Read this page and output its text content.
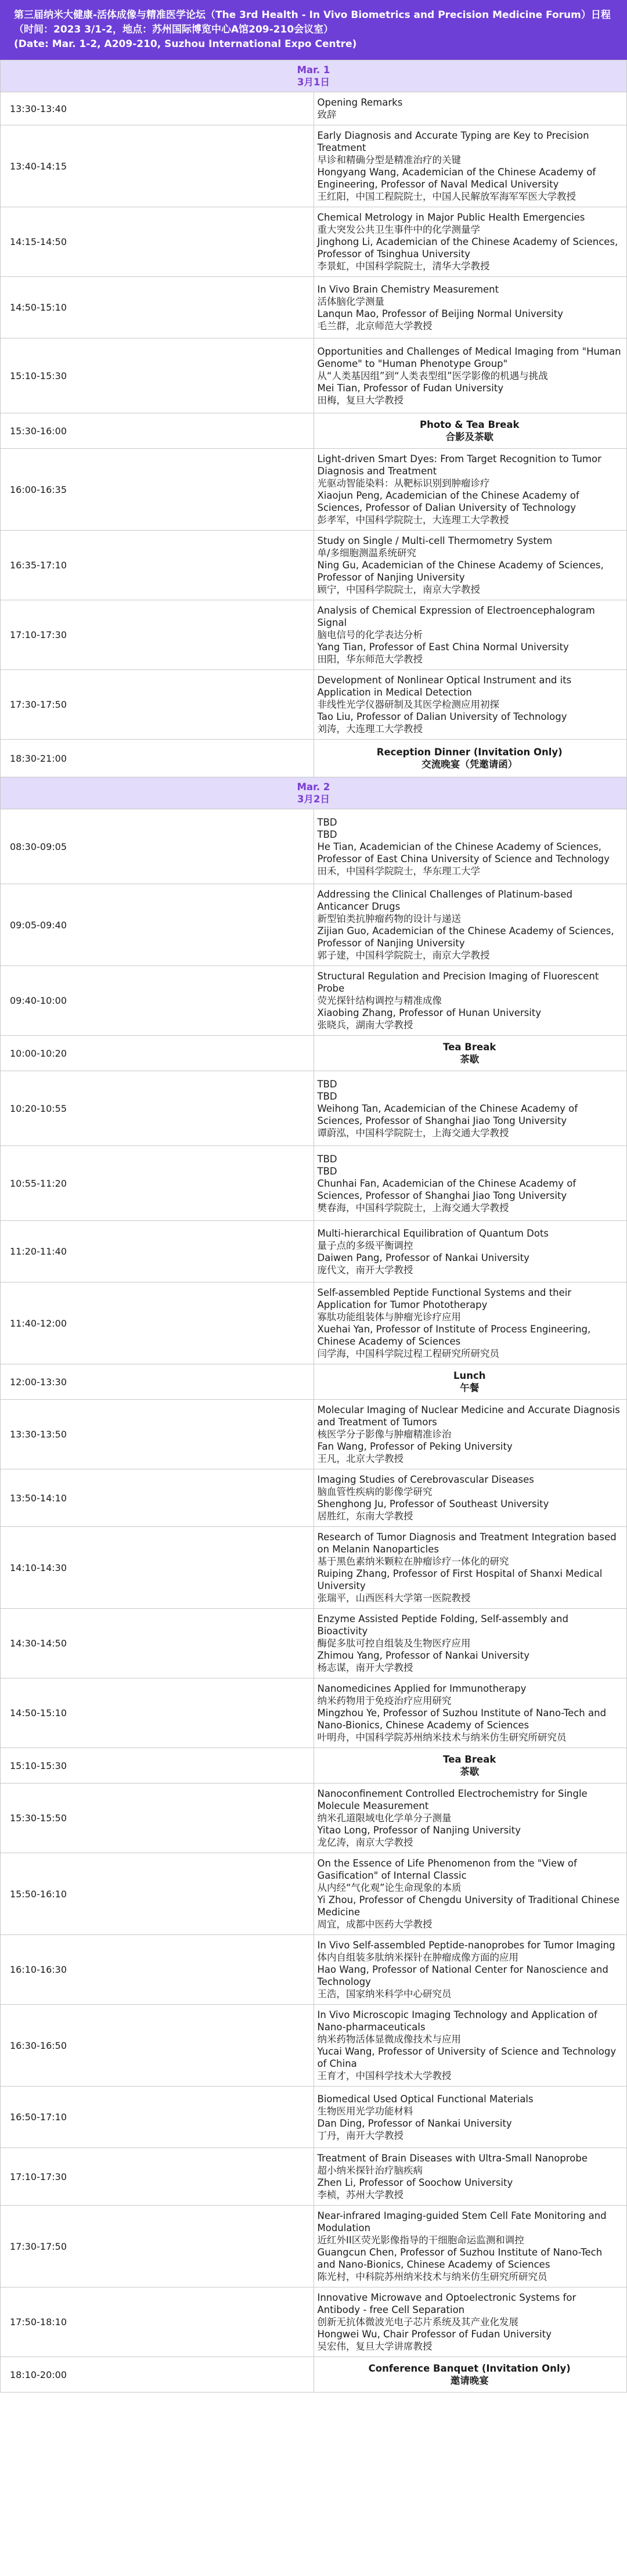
第三届纳米大健康-活体成像与精准医学论坛（The 3rd Health - In Vivo Biometrics and Precision Medicine Forum）日程
（时间：2023 3/1-2，地点：苏州国际博览中心A馆209-210会议室）
(Date: Mar. 1-2, A209-210, Suzhou International Expo Centre)
Mar. 1
3月1日	

13:30-13:40	Opening Remarks
致辞

13:40-14:15	Early Diagnosis and Accurate Typing are Key to Precision Treatment
早诊和精确分型是精准治疗的关键
Hongyang Wang, Academician of the Chinese Academy of Engineering, Professor of Naval Medical University
王红阳，中国工程院院士，中国人民解放军海军军医大学教授

14:15-14:50	Chemical Metrology in Major Public Health Emergencies
重大突发公共卫生事件中的化学测量学
Jinghong Li, Academician of the Chinese Academy of Sciences, Professor of Tsinghua University
李景虹，中国科学院院士，清华大学教授

14:50-15:10	In Vivo Brain Chemistry Measurement
活体脑化学测量
Lanqun Mao, Professor of Beijing Normal University
毛兰群，北京师范大学教授

15:10-15:30	Opportunities and Challenges of Medical Imaging from "Human Genome" to "Human Phenotype Group"
从“人类基因组”到“人类表型组”医学影像的机遇与挑战
Mei Tian, Professor of Fudan University
田梅，复旦大学教授

15:30-16:00	Photo & Tea Break
合影及茶歇

16:00-16:35	Light-driven Smart Dyes: From Target Recognition to Tumor Diagnosis and Treatment
光驱动智能染料：从靶标识别到肿瘤诊疗
Xiaojun Peng, Academician of the Chinese Academy of Sciences, Professor of Dalian University of Technology
彭孝军，中国科学院院士，大连理工大学教授

16:35-17:10	Study on Single / Multi-cell Thermometry System
单/多细胞测温系统研究
Ning Gu, Academician of the Chinese Academy of Sciences, Professor of Nanjing University
顾宁，中国科学院院士，南京大学教授

17:10-17:30	Analysis of Chemical Expression of Electroencephalogram Signal
脑电信号的化学表达分析
Yang Tian, Professor of East China Normal University
田阳，华东师范大学教授

17:30-17:50	Development of Nonlinear Optical Instrument and its Application in Medical Detection
非线性光学仪器研制及其医学检测应用初探
Tao Liu, Professor of Dalian University of Technology
刘涛，大连理工大学教授

18:30-21:00	Reception Dinner (Invitation Only)
交流晚宴（凭邀请函）

Mar. 2
3月2日	

08:30-09:05	TBD
TBD
He Tian, Academician of the Chinese Academy of Sciences, Professor of East China University of Science and Technology
田禾，中国科学院院士，华东理工大学

09:05-09:40	Addressing the Clinical Challenges of Platinum-based Anticancer Drugs
新型铂类抗肿瘤药物的设计与递送
Zijian Guo, Academician of the Chinese Academy of Sciences, Professor of Nanjing University
郭子建，中国科学院院士，南京大学教授

09:40-10:00	Structural Regulation and Precision Imaging of Fluorescent Probe
荧光探针结构调控与精准成像
Xiaobing Zhang, Professor of Hunan University
张晓兵，湖南大学教授

10:00-10:20	Tea Break
茶歇

10:20-10:55	TBD
TBD
Weihong Tan, Academician of the Chinese Academy of Sciences, Professor of Shanghai Jiao Tong University
谭蔚泓，中国科学院院士，上海交通大学教授

10:55-11:20	TBD
TBD
Chunhai Fan, Academician of the Chinese Academy of Sciences, Professor of Shanghai Jiao Tong University
樊春海，中国科学院院士，上海交通大学教授

11:20-11:40	Multi-hierarchical Equilibration of Quantum Dots
量子点的多级平衡调控
Daiwen Pang, Professor of Nankai University
庞代文，南开大学教授

11:40-12:00	Self-assembled Peptide Functional Systems and their Application for Tumor Phototherapy
寡肽功能组装体与肿瘤光诊疗应用
Xuehai Yan, Professor of Institute of Process Engineering, Chinese Academy of Sciences
闫学海，中国科学院过程工程研究所研究员

12:00-13:30	Lunch
午餐

13:30-13:50	Molecular Imaging of Nuclear Medicine and Accurate Diagnosis and Treatment of Tumors
核医学分子影像与肿瘤精准诊治
Fan Wang, Professor of Peking University
王凡，北京大学教授

13:50-14:10	Imaging Studies of Cerebrovascular Diseases
脑血管性疾病的影像学研究
Shenghong Ju, Professor of Southeast University
居胜红，东南大学教授

14:10-14:30	Research of Tumor Diagnosis and Treatment Integration based on Melanin Nanoparticles
基于黑色素纳米颗粒在肿瘤诊疗一体化的研究
Ruiping Zhang, Professor of First Hospital of Shanxi Medical University
张瑞平，山西医科大学第一医院教授

14:30-14:50	Enzyme Assisted Peptide Folding, Self-assembly and Bioactivity
酶促多肽可控自组装及生物医疗应用
Zhimou Yang, Professor of Nankai University
杨志谋，南开大学教授

14:50-15:10	Nanomedicines Applied for Immunotherapy
纳米药物用于免疫治疗应用研究
Mingzhou Ye, Professor of Suzhou Institute of Nano-Tech and Nano-Bionics, Chinese Academy of Sciences
叶明舟，中国科学院苏州纳米技术与纳米仿生研究所研究员

15:10-15:30	Tea Break
茶歇

15:30-15:50	Nanoconfinement Controlled Electrochemistry for Single Molecule Measurement
纳米孔道限域电化学单分子测量
Yitao Long, Professor of Nanjing University
龙亿涛，南京大学教授

15:50-16:10	On the Essence of Life Phenomenon from the "View of Gasification" of Internal Classic
从内经“气化观”论生命现象的本质
Yi Zhou, Professor of Chengdu University of Traditional Chinese Medicine
周宜，成都中医药大学教授

16:10-16:30	In Vivo Self-assembled Peptide-nanoprobes for Tumor Imaging
体内自组装多肽纳米探针在肿瘤成像方面的应用
Hao Wang, Professor of National Center for Nanoscience and Technology
王浩，国家纳米科学中心研究员

16:30-16:50	In Vivo Microscopic Imaging Technology and Application of Nano-pharmaceuticals
纳米药物活体显微成像技术与应用
Yucai Wang, Professor of University of Science and Technology of China
王育才，中国科学技术大学教授

16:50-17:10	Biomedical Used Optical Functional Materials
生物医用光学功能材料
Dan Ding, Professor of Nankai University
丁丹，南开大学教授

17:10-17:30	Treatment of Brain Diseases with Ultra-Small Nanoprobe
超小纳米探针治疗脑疾病
Zhen Li, Professor of Soochow University
李桢，苏州大学教授

17:30-17:50	Near-infrared Imaging-guided Stem Cell Fate Monitoring and Modulation
近红外II区荧光影像指导的干细胞命运监测和调控
Guangcun Chen, Professor of Suzhou Institute of Nano-Tech and Nano-Bionics, Chinese Academy of Sciences
陈光村，中科院苏州纳米技术与纳米仿生研究所研究员

17:50-18:10	Innovative Microwave and Optoelectronic Systems for Antibody - free Cell Separation
创新无抗体微波光电子芯片系统及其产业化发展
Hongwei Wu, Chair Professor of Fudan University
吴宏伟，复旦大学讲席教授

18:10-20:00	Conference Banquet (Invitation Only)
邀请晚宴
